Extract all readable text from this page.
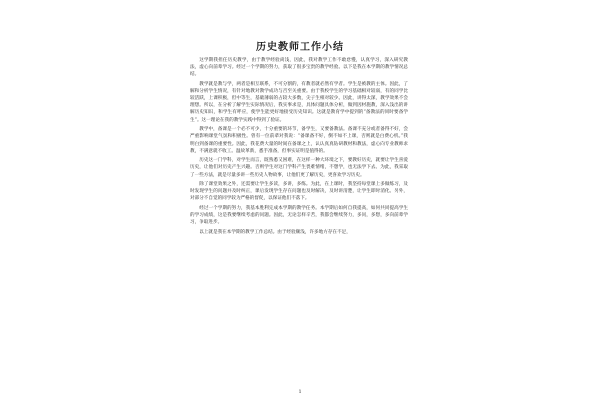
历史教师工作小结

这学期我担任历史教学，由于教学经验尚浅，因此，我对教学工作不敢怠慢，认真学习，深入研究教法，虚心向前辈学习。经过一个学期的努力，获取了很多宝贵的教学经验。以下是我在本学期的教学情况总结。

教学就是教与学，两者是相互联系，不可分割的，有教者就必然有学者。学生是被教的主体。因此，了解和分析学生情况，有针对地教对教学成功与否至关重要。由于我校学生的学习基础相对较弱，有的同学比较活跃，上课积极，但中等生，基础薄弱的占较大多数，尖子生相对较少。因此，讲得太深，教学效果不会理想。所以，在分析了解学生实际情况后，我实事求是，具体问题具体分析，做到因材施教，深入浅出的讲解历史知识，和学生有呼应，使学生能更好地接受历史知识。这就是教育学中提到的“备教法的同时要备学生”。这一理论在我的教学实践中得到了验证。

教学中，备课是一个必不可少，十分重要的环节，备学生，又要备教法。备课不充分或者备得不好，会严重影响课堂气氛和积极性。曾有一位前辈对我说：“备课备不好，倒不如不上课，否则就是白费心机。”我明白到备课的重要性。因此，我花费大量的时间在备课之上，认认真真钻研教材和教法，虚心向专业教师求教，不满意就不收工。温故革新，悉手准备，但事实证明是值得的。

历史这一门学科，对学生而言，既熟悉又困难，在这样一种大环境之下，要教好历史，就要让学生喜爱历史，让他们对历史产生兴趣。否则学生对这门学科产生畏难情绪，不想学，也无法学下去。为此，我采取了一些方法，就是尽量多讲一些历史人物故事，让他们更了解历史，更喜欢学习历史。

除了课堂效果之外，还需要让学生多读，多讲，多练。为此，在上课时，我坚持每堂课上多做练习，及时发现学生的问题并及时纠正，课后发现学生存在问题也及时解决，及时讲清楚，让学生即时消化。另外，对部分不自觉的同学较为严格的督促，以保证他们不落下。

经过一个学期的努力，我基本胜利完成本学期的教学任务。本学期后如何自我提高，如何共同提高学生的学习成绩，这是我要继续考虑的问题。因此，无论怎样辛苦，我都会继续努力，多问，多想，多向前辈学习，争取进步。

以上就是我在本学期的教学工作总结。由于经验颇浅，许多地方存在不足，

1
